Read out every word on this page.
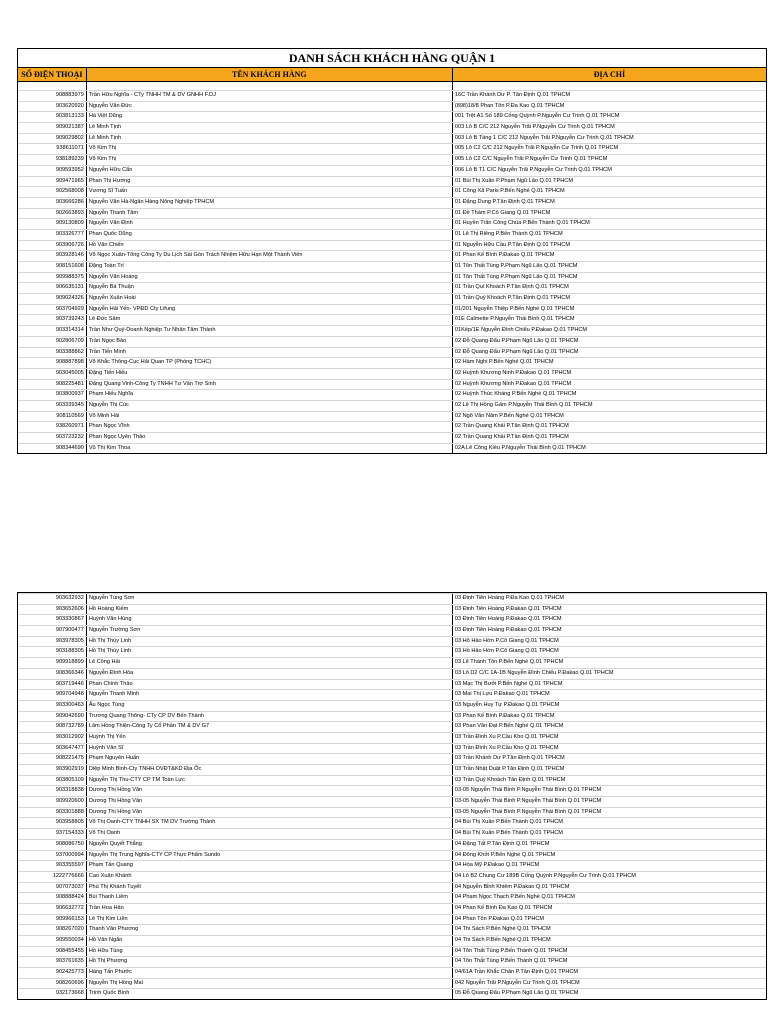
DANH SÁCH KHÁCH HÀNG QUẬN 1
SỐ ĐIỆN THOẠI	TÊN KHÁCH HÀNG	ĐỊA CHỈ
908883979 Trần Hữu Nghĩa - CTy TNHH TM & DV GNHH F.DJ	16C Trần Khánh Dư P. Tân Định Q.01 TPHCM
903620920 Nguyễn Văn Đức	(898)18/8 Phan Tôn P.Đa Kao Q.01 TPHCM
903813133 Hà Việt Dũng	001 Trệt A1 Số 189 Cống Quỳnh P.Nguyễn Cư Trinh Q.01 TPHCM
909021387 Lê Minh Tịnh	003 Lô B C/C 212 Nguyễn Trãi P.Nguyễn Cư Trinh Q.01 TPHCM
909029802 Lê Minh Tịnh	003 Lô B Tầng 1 C/C 212 Nguyễn Trãi P.Nguyễn Cư Trinh Q.01 TPHCM
938611071 Võ Kim Thị	005 Lô C2 C/C 212 Nguyễn Trãi P.Nguyễn Cư Trinh Q.01 TPHCM
938189239 Võ Kim Thị	005 Lô C2 C/C Nguyễn Trãi P.Nguyễn Cư Trinh Q.01 TPHCM
909593952 Nguyễn Hữu Cẩn	006 Lô B T1 C/C Nguyễn Trãi P.Nguyễn Cư Trinh Q.01 TPHCM
909471965 Phan Thị Hương	01 Bùi Thị Xuân P.Phạm Ngũ Lão Q.01 TPHCM
902568008 Vương Sĩ Tuấn	01 Công Xã Paris P.Bến Nghé Q.01 TPHCM
903666286 Nguyễn Văn Hà-Ngân Hàng Nông Nghiệp TPHCM	01 Đặng Dung P.Tân Định Q.01 TPHCM
902663893 Nguyễn Thanh Tâm	01 Đề Thám P.Cô Giang Q.01 TPHCM
909130809 Nguyễn Văn Định	01 Huyền Trân Công Chúa P.Bến Thành Q.01 TPHCM
903326777 Phan Quốc Dũng	01 Lê Thị Riêng P.Bến Thành Q.01 TPHCM
903906726 Hồ Văn Chiến	01 Nguyễn Hữu Cầu P.Tân Định Q.01 TPHCM
903928146 Võ Ngọc Xuân-Tổng Công Ty Du Lịch Sài Gòn Trách Nhiệm Hữu Hạn Một Thành Viên	01 Phan Kế Bính P.Đakao Q.01 TPHCM
908151608 Đặng Toàn Trí	01 Tôn Thất Tùng P.Phạm Ngũ Lão Q.01 TPHCM
909988375 Nguyễn Văn Hoàng	01 Tôn Thất Tùng P.Phạm Ngũ Lão Q.01 TPHCM
906635131 Nguyễn Bá Thuận	01 Trần Quí Khoách P.Tân Định Q.01 TPHCM
909024326 Nguyễn Xuân Hoài	01 Trần Quý Khoách P.Tân Định Q.01 TPHCM
903704929 Nguyễn Hải Yến- VPĐD Cty Lifung	01/201 Nguyễn Thiệp P.Bến Nghé Q.01 TPHCM
903739243 Lê Đức Sâm	01E Calmette P.Nguyễn Thái Bình Q.01 TPHCM
903314314 Trần Như Quý-Doanh Nghiệp Tư Nhân Tâm Thành	01Kép/1E Nguyễn Đình Chiểu P.Đakao Q.01 TPHCM
902806709 Trần Ngọc Bảo	02 Đỗ Quang Đẩu P.Phạm Ngũ Lão Q.01 TPHCM
903388862 Trần Tiến Minh	02 Đỗ Quang Đẩu P.Phạm Ngũ Lão Q.01 TPHCM
908887898 Võ Khắc Thông-Cục Hải Quan TP (Phòng TCHC)	02 Hàm Nghi P.Bến Nghé Q.01 TPHCM
903045005 Đặng Tiến Hiếu	02 Huỳnh Khương Ninh P.Đakao Q.01 TPHCM
908225481 Đặng Quang Vinh-Công Ty TNHH Tư Vấn Trợ Sinh	02 Huỳnh Khương Ninh P.Đakao Q.01 TPHCM
903800937 Phạm Hiếu Nghĩa	02 Huỳnh Thúc Kháng P.Bến Nghé Q.01 TPHCM
903339345 Nguyễn Thị Cúc	02 Lê Thị Hồng Gấm P.Nguyễn Thái Bình Q.01 TPHCM
908110569 Võ Minh Hải	02 Ngô Văn Năm P.Bến Nghé Q.01 TPHCM
938260971 Phan Ngọc Vĩnh	02 Trần Quang Khải P.Tân Định Q.01 TPHCM
903723232 Phan Ngọc Uyên Thảo	02 Trần Quang Khải P.Tân Định Q.01 TPHCM
908344690 Vũ Thị Kim Thoa	02A Lê Công Kiều P.Nguyễn Thái Bình Q.01 TPHCM
903632932 Nguyễn Tùng Sơn	03 Đinh Tiên Hoàng P.Đa Kao Q.01 TPHCM
903652606 Hồ Hoàng Kiếm	03 Đinh Tiên Hoàng P.Đakao Q.01 TPHCM
903330867 Huỳnh Văn Hùng	03 Đinh Tiên Hoàng P.Đakao Q.01 TPHCM
907900477 Nguyễn Trường Sơn	03 Đinh Tiên Hoàng P.Đakao Q.01 TPHCM
903978305 Hồ Thị Thùy Linh	03 Hồ Hảo Hớn P.Cô Giang Q.01 TPHCM
903188305 Hồ Thị Thùy Linh	03 Hồ Hảo Hớn P.Cô Giang Q.01 TPHCM
909918899 Lê Công Hải	03 Lê Thánh Tôn P.Bến Nghé Q.01 TPHCM
908366346 Nguyễn Đình Hòa	03 Lô D2 C/C 1A-1B Nguyễn Đình Chiểu P.Đakao Q.01 TPHCM
903719446 Phan Chính Thảo	03 Mạc Thị Bưởi P.Bến Nghé Q.01 TPHCM
909704948 Nguyễn Thanh Minh	03 Mai Thị Lựu P.Đakao Q.01 TPHCM
903300463 Âu Ngọc Tùng	03 Nguyễn Huy Tự P.Đakao Q.01 TPHCM
909042690 Trương Quang Thông- CTy CP DV Bến Thành	03 Phan Kế Bính P.Đakao Q.01 TPHCM
908732789 Lâm Hồng Thiện-Công Ty Cổ Phần TM & DV G7	03 Phan Văn Đạt P.Bến Nghé Q.01 TPHCM
903012902 Huỳnh Thị Yến	03 Trần Đình Xu P.Cầu Kho Q.01 TPHCM
903647477 Huỳnh Văn Sĩ	03 Trần Đình Xu P.Cầu Kho Q.01 TPHCM
908221475 Phạm Nguyên Huấn	03 Trần Khánh Dư P.Tân Định Q.01 TPHCM
903902919 Diệp Minh Bình-Cty TNHH DVĐT&KD Địa Ốc	03 Trần Nhật Duật P.Tân Định Q.01 TPHCM
903805109 Nguyễn Thị Thu-CTY CP TM Toàn Lực	03 Trần Quý Khoách Tân Định Q.01 TPHCM
903318838 Dương Thị Hồng Vân	03-05 Nguyễn Thái Bình P.Nguyễn Thái Bình Q.01 TPHCM
909920600 Dương Thị Hồng Vân	03-05 Nguyễn Thái Bình P.Nguyễn Thái Bình Q.01 TPHCM
903301888 Dương Thị Hồng Vân	03-05 Nguyễn Thái Bình P.Nguyễn Thái Bình Q.01 TPHCM
903958805 Võ Thị Oanh-CTY TNHH SX TM DV Trường Thành	04 Bùi Thị Xuân P.Bến Thành Q.01 TPHCM
937154333 Võ Thị Oanh	04 Bùi Thị Xuân P.Bến Thành Q.01 TPHCM
908086750 Nguyễn Quyết Thắng	04 Đặng Tất P.Tân Định Q.01 TPHCM
937000994 Nguyễn Thị Trung Nghĩa-CTY CP Thực Phẩm Sundo	04 Đông Khởi P.Bến Nghé Q.01 TPHCM
903355597 Phạm Tấn Quang	04 Hòa Mỹ P.Đakao Q.01 TPHCM
1222776666 Cao Xuân Khánh	04 Lô B2 Chung Cư 189B Cống Quỳnh P.Nguyễn Cư Trinh Q.01 TPHCM
907073037 Phú Thị Khánh Tuyết	04 Nguyễn Bỉnh Khiêm P.Đakao Q.01 TPHCM
908888424 Bùi Thanh Liêm	04 Phạm Ngọc Thạch P.Bến Nghé Q.01 TPHCM
906632772 Trần Hoa Hân	04 Phan Kế Bính Đa Kao Q.01 TPHCM
909966153 Lê Thị Kim Liên	04 Phan Tôn P.Đakao Q.01 TPHCM
908267020 Thanh Văn Phương	04 Thi Sách P.Bến Nghé Q.01 TPHCM
909550034 Hồ Văn Ngân	04 Thi Sách P.Bến Nghé Q.01 TPHCM
908455455 Hồ Hữu Tùng	04 Tôn Thất Tùng P.Bến Thành Q.01 TPHCM
903761635 Hồ Thị Phượng	04 Tôn Thất Tùng P.Bến Thành Q.01 TPHCM
902425773 Hàng Tấn Phước	04/61A Trần Khắc Chân P.Tân Định Q.01 TPHCM
908260696 Nguyễn Thị Hồng Mai	042 Nguyễn Trãi P.Nguyễn Cư Trinh Q.01 TPHCM
932173668 Trịnh Quốc Bình	05 Đỗ Quang Đẩu P.Phạm Ngũ Lão Q.01 TPHCM
